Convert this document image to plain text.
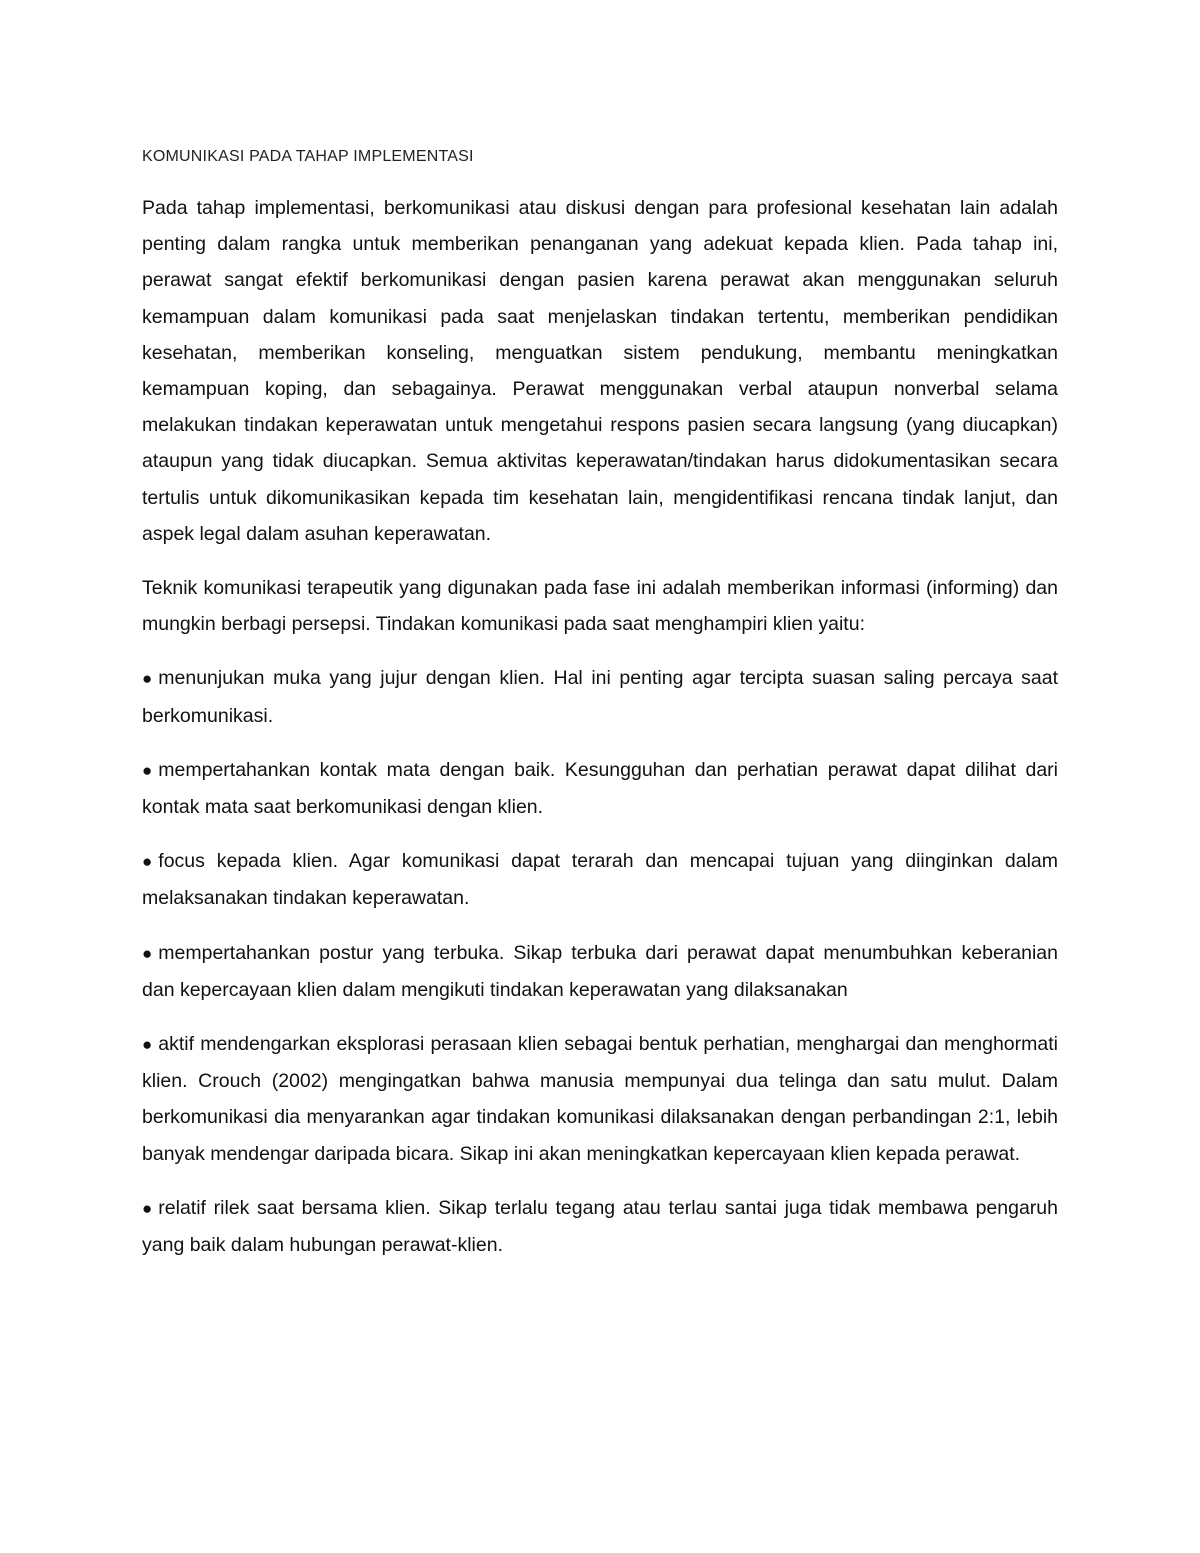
KOMUNIKASI PADA TAHAP IMPLEMENTASI

Pada tahap implementasi, berkomunikasi atau diskusi dengan para profesional kesehatan lain adalah penting dalam rangka untuk memberikan penanganan yang adekuat kepada klien. Pada tahap ini, perawat sangat efektif berkomunikasi dengan pasien karena perawat akan menggunakan seluruh kemampuan dalam komunikasi pada saat menjelaskan tindakan tertentu, memberikan pendidikan kesehatan, memberikan konseling, menguatkan sistem pendukung, membantu meningkatkan kemampuan koping, dan sebagainya. Perawat menggunakan verbal ataupun nonverbal selama melakukan tindakan keperawatan untuk mengetahui respons pasien secara langsung (yang diucapkan) ataupun yang tidak diucapkan. Semua aktivitas keperawatan/tindakan harus didokumentasikan secara tertulis untuk dikomunikasikan kepada tim kesehatan lain, mengidentifikasi rencana tindak lanjut, dan aspek legal dalam asuhan keperawatan.

Teknik komunikasi terapeutik yang digunakan pada fase ini adalah memberikan informasi (informing) dan mungkin berbagi persepsi. Tindakan komunikasi pada saat menghampiri klien yaitu:

● menunjukan muka yang jujur dengan klien. Hal ini penting agar tercipta suasan saling percaya saat berkomunikasi.

● mempertahankan kontak mata dengan baik. Kesungguhan dan perhatian perawat dapat dilihat dari kontak mata saat berkomunikasi dengan klien.

● focus kepada klien. Agar komunikasi dapat terarah dan mencapai tujuan yang diinginkan dalam melaksanakan tindakan keperawatan.

● mempertahankan postur yang terbuka. Sikap terbuka dari perawat dapat menumbuhkan keberanian dan kepercayaan klien dalam mengikuti tindakan keperawatan yang dilaksanakan

● aktif mendengarkan eksplorasi perasaan klien sebagai bentuk perhatian, menghargai dan menghormati klien. Crouch (2002) mengingatkan bahwa manusia mempunyai dua telinga dan satu mulut. Dalam berkomunikasi dia menyarankan agar tindakan komunikasi dilaksanakan dengan perbandingan 2:1, lebih banyak mendengar daripada bicara. Sikap ini akan meningkatkan kepercayaan klien kepada perawat.

● relatif rilek saat bersama klien. Sikap terlalu tegang atau terlau santai juga tidak membawa pengaruh yang baik dalam hubungan perawat-klien.
